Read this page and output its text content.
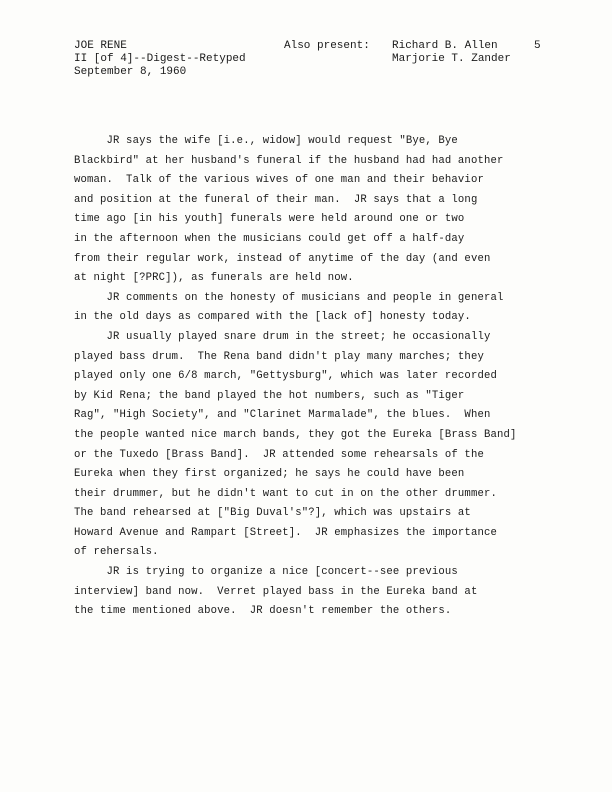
JOE RENE
II [of 4]--Digest--Retyped
September 8, 1960
Also present:	Richard B. Allen	5
Marjorie T. Zander
JR says the wife [i.e., widow] would request "Bye, Bye
Blackbird" at her husband's funeral if the husband had had another
woman.  Talk of the various wives of one man and their behavior
and position at the funeral of their man.  JR says that a long
time ago [in his youth] funerals were held around one or two
in the afternoon when the musicians could get off a half-day
from their regular work, instead of anytime of the day (and even
at night [?PRC]), as funerals are held now.
JR comments on the honesty of musicians and people in general
in the old days as compared with the [lack of] honesty today.
JR usually played snare drum in the street; he occasionally
played bass drum.  The Rena band didn't play many marches; they
played only one 6/8 march, "Gettysburg", which was later recorded
by Kid Rena; the band played the hot numbers, such as "Tiger
Rag", "High Society", and "Clarinet Marmalade", the blues.  When
the people wanted nice march bands, they got the Eureka [Brass Band]
or the Tuxedo [Brass Band].  JR attended some rehearsals of the
Eureka when they first organized; he says he could have been
their drummer, but he didn't want to cut in on the other drummer.
The band rehearsed at ["Big Duval's"?], which was upstairs at
Howard Avenue and Rampart [Street].  JR emphasizes the importance
of rehersals.
JR is trying to organize a nice [concert--see previous
interview] band now.  Verret played bass in the Eureka band at
the time mentioned above.  JR doesn't remember the others.
